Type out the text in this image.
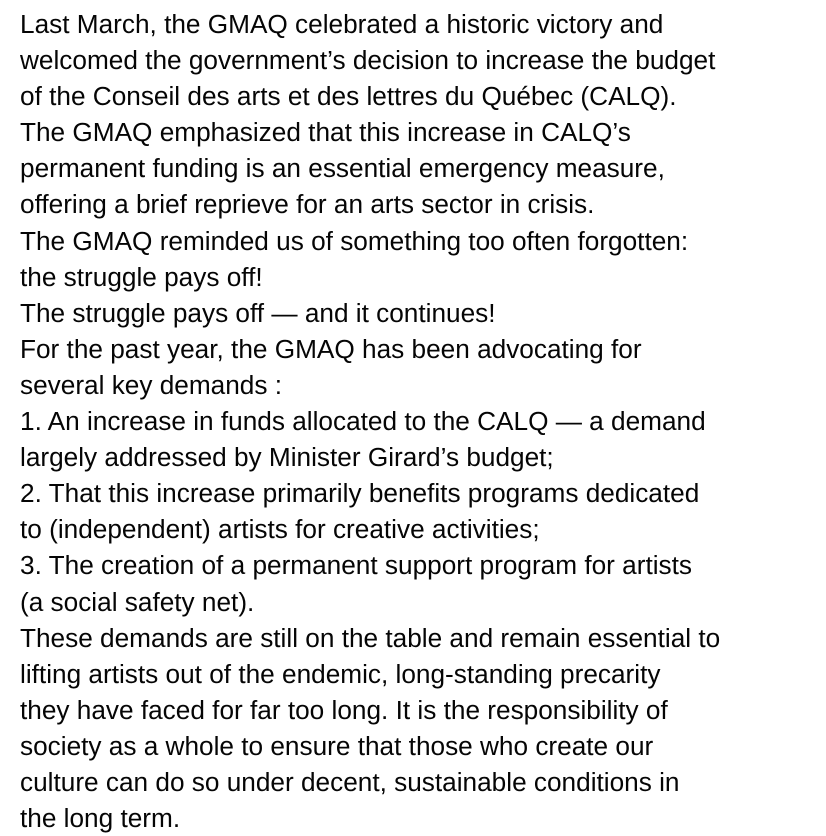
Last March, the GMAQ celebrated a historic victory and
welcomed the government’s decision to increase the budget
of the Conseil des arts et des lettres du Québec (CALQ).
The GMAQ emphasized that this increase in CALQ’s
permanent funding is an essential emergency measure,
offering a brief reprieve for an arts sector in crisis.
The GMAQ reminded us of something too often forgotten:
the struggle pays off!
The struggle pays off — and it continues!
For the past year, the GMAQ has been advocating for
several key demands :
1. An increase in funds allocated to the CALQ — a demand
largely addressed by Minister Girard’s budget;
2. That this increase primarily benefits programs dedicated
to (independent) artists for creative activities;
3. The creation of a permanent support program for artists
(a social safety net).
These demands are still on the table and remain essential to
lifting artists out of the endemic, long-standing precarity
they have faced for far too long. It is the responsibility of
society as a whole to ensure that those who create our
culture can do so under decent, sustainable conditions in
the long term.
